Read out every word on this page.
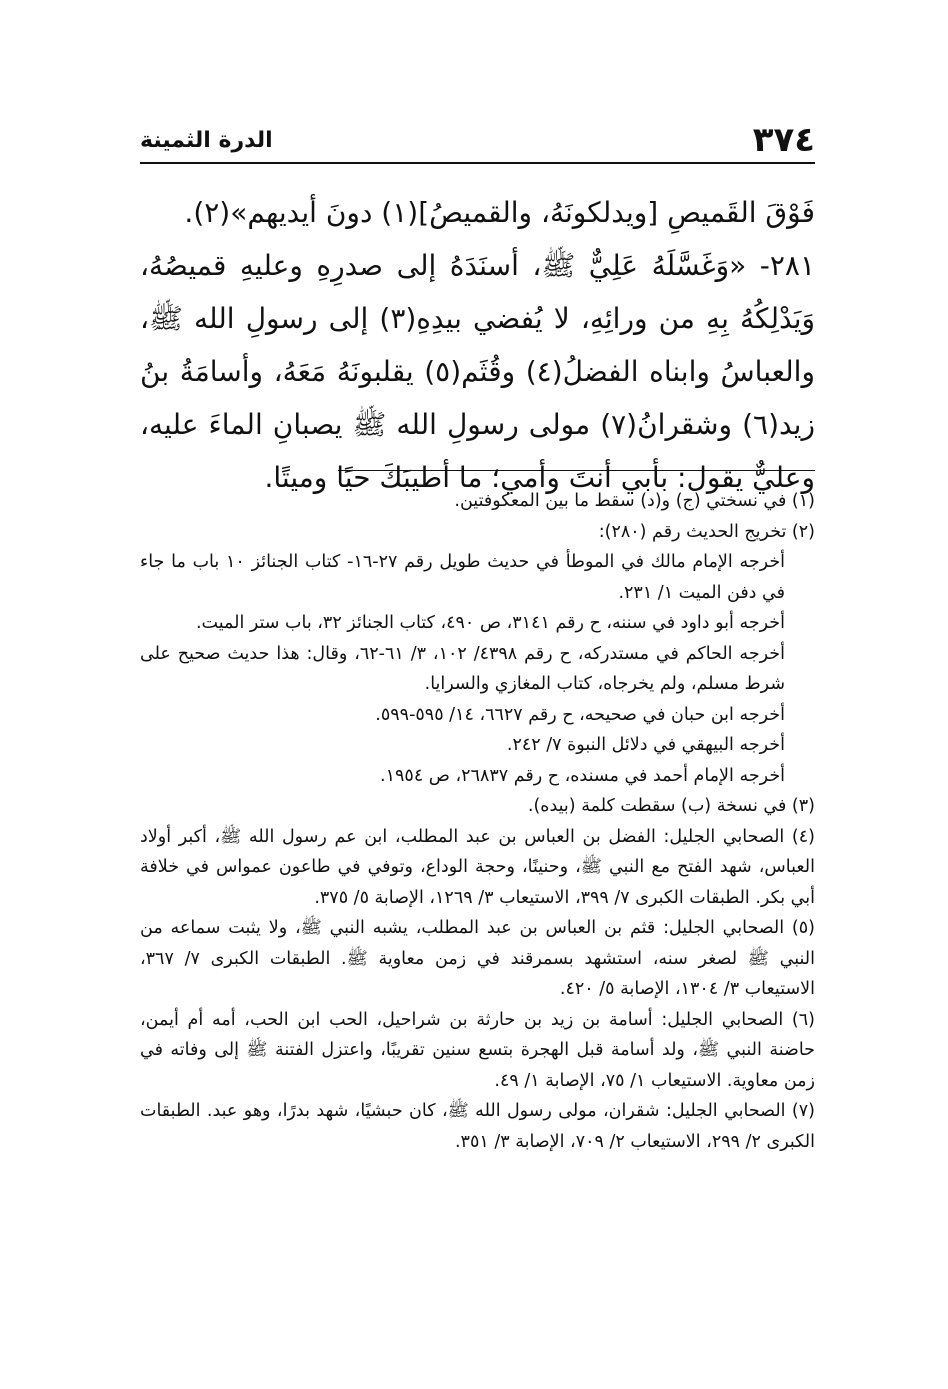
٣٧٤
الدرة الثمينة

فَوْقَ القَميصِ [ويدلكونَهُ، والقميصُ](١) دونَ أيديهم»(٢).

٢٨١- «وَغَسَّلَهُ عَلِيٌّ ﷺ، أسنَدَهُ إلى صدرِهِ وعليهِ قميصُهُ، وَيَدْلِكُهُ بِهِ من ورائِهِ، لا يُفضي بيدِهِ(٣) إلى رسولِ الله ﷺ، والعباسُ وابناه الفضلُ(٤) وقُثَم(٥) يقلبونَهُ مَعَهُ، وأسامَةُ بنُ زيد(٦) وشقرانُ(٧) مولى رسولِ الله ﷺ يصبانِ الماءَ عليه، وعليٌّ يقول: بأبي أنتَ وأمي؛ ما أطيبَكَ حيًا وميتًا.

(١) في نسختي (ج) و(د) سقط ما بين المعكوفتين.

(٢) تخريج الحديث رقم (٢٨٠):

أخرجه الإمام مالك في الموطأ في حديث طويل رقم ٢٧-١٦- كتاب الجنائز ١٠ باب ما جاء في دفن الميت ١/ ٢٣١.

أخرجه أبو داود في سننه، ح رقم ٣١٤١، ص ٤٩٠، كتاب الجنائز ٣٢، باب ستر الميت.

أخرجه الحاكم في مستدركه، ح رقم ٤٣٩٨/ ١٠٢، ٣/ ٦١-٦٢، وقال: هذا حديث صحيح على شرط مسلم، ولم يخرجاه، كتاب المغازي والسرايا.

أخرجه ابن حبان في صحيحه، ح رقم ٦٦٢٧، ١٤/ ٥٩٥-٥٩٩.

أخرجه البيهقي في دلائل النبوة ٧/ ٢٤٢.

أخرجه الإمام أحمد في مسنده، ح رقم ٢٦٨٣٧، ص ١٩٥٤.

(٣) في نسخة (ب) سقطت كلمة (بيده).

(٤) الصحابي الجليل: الفضل بن العباس بن عبد المطلب، ابن عم رسول الله ﷺ، أكبر أولاد العباس، شهد الفتح مع النبي ﷺ، وحنينًا، وحجة الوداع، وتوفي في طاعون عمواس في خلافة أبي بكر. الطبقات الكبرى ٧/ ٣٩٩، الاستيعاب ٣/ ١٢٦٩، الإصابة ٥/ ٣٧٥.

(٥) الصحابي الجليل: قثم بن العباس بن عبد المطلب، يشبه النبي ﷺ، ولا يثبت سماعه من النبي ﷺ لصغر سنه، استشهد بسمرقند في زمن معاوية ﷺ. الطبقات الكبرى ٧/ ٣٦٧، الاستيعاب ٣/ ١٣٠٤، الإصابة ٥/ ٤٢٠.

(٦) الصحابي الجليل: أسامة بن زيد بن حارثة بن شراحيل، الحب ابن الحب، أمه أم أيمن، حاضنة النبي ﷺ، ولد أسامة قبل الهجرة بتسع سنين تقريبًا، واعتزل الفتنة ﷺ إلى وفاته في زمن معاوية. الاستيعاب ١/ ٧٥، الإصابة ١/ ٤٩.

(٧) الصحابي الجليل: شقران، مولى رسول الله ﷺ، كان حبشيًا، شهد بدرًا، وهو عبد. الطبقات الكبرى ٢/ ٢٩٩، الاستيعاب ٢/ ٧٠٩، الإصابة ٣/ ٣٥١.
